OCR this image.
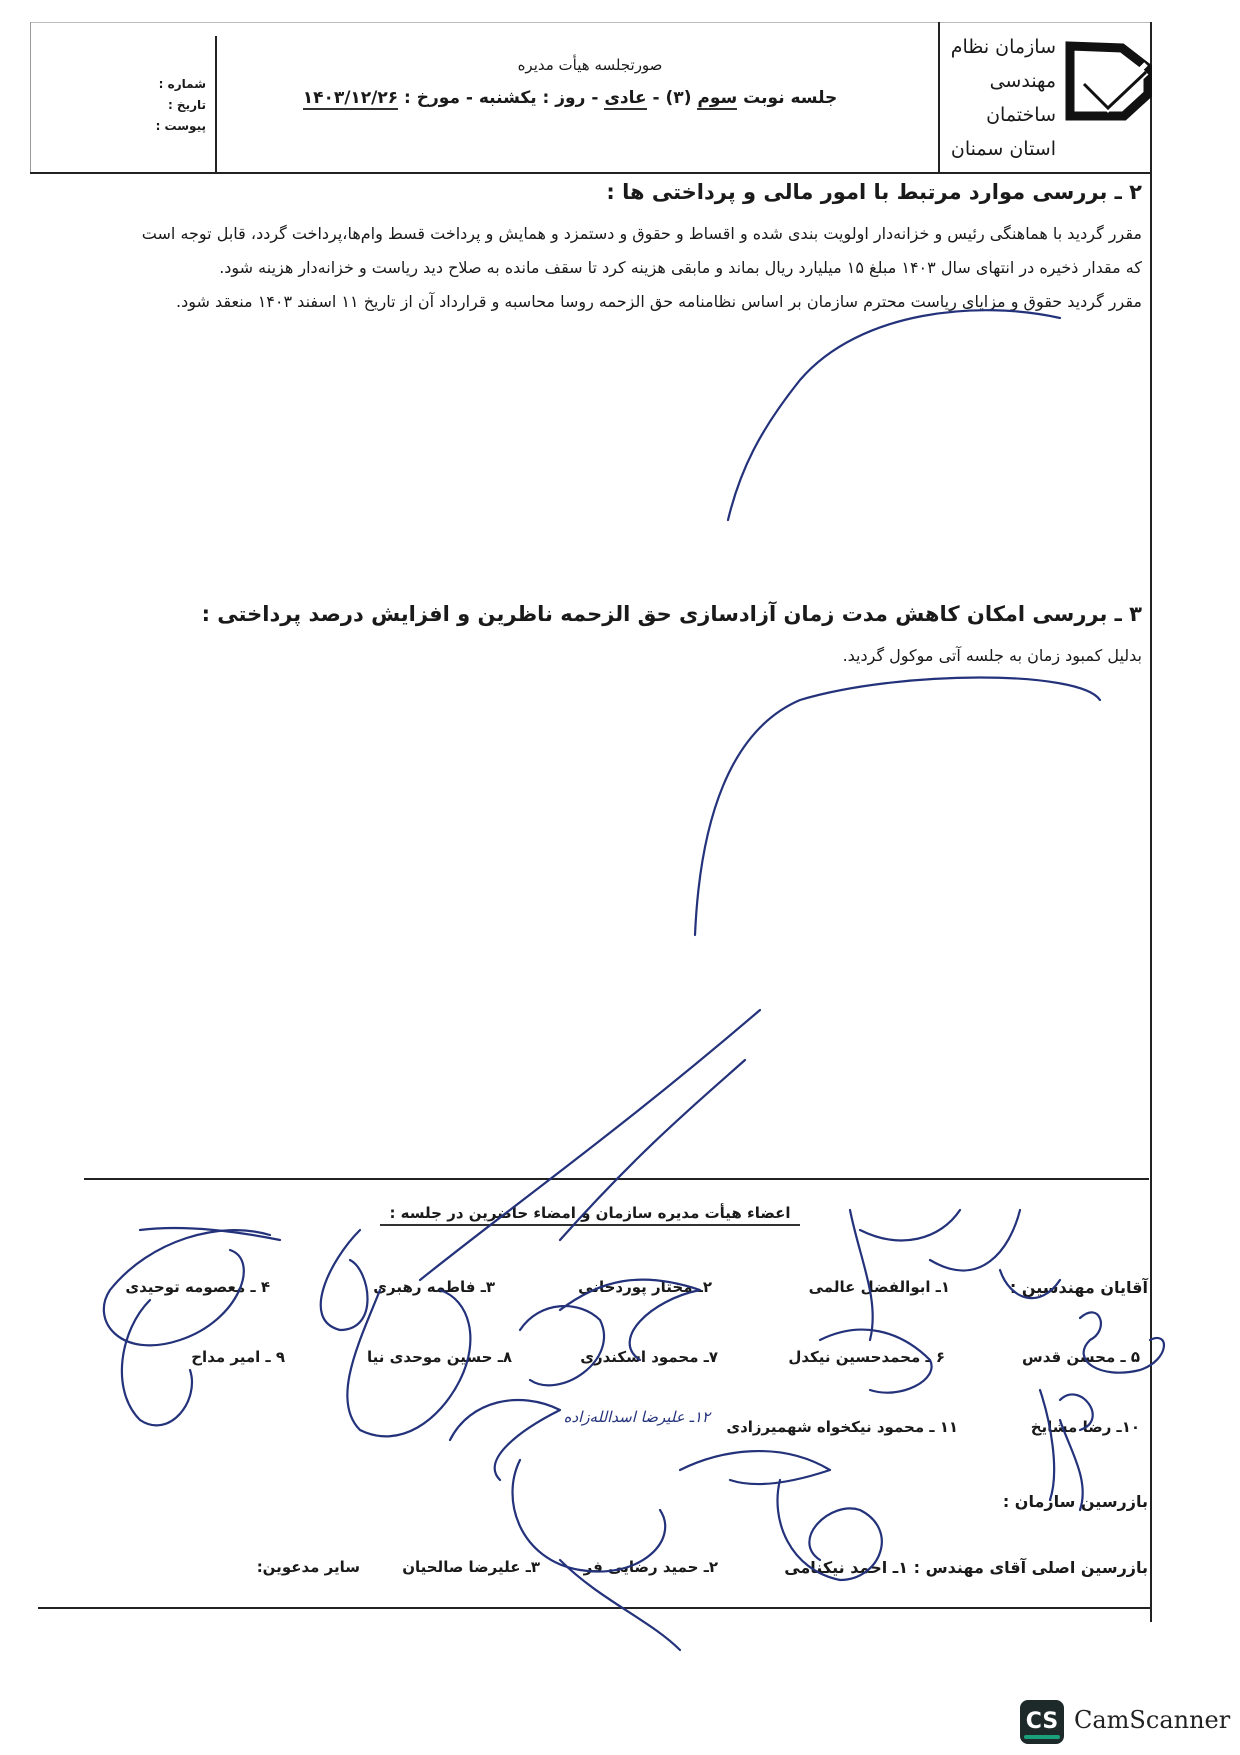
سازمان نظام
مهندسی
ساختمان
استان سمنان
شماره :
تاریخ :
پیوست :
صورتجلسه هیأت مدیره
جلسه نوبت سوم (۳) - عادی - روز : یکشنبه - مورخ : ۱۴۰۳/۱۲/۲۶
۲ ـ بررسی موارد مرتبط با امور مالی و پرداختی ها :
مقرر گردید با هماهنگی رئیس و خزانه‌دار اولویت بندی شده و اقساط و حقوق و دستمزد و همایش و پرداخت قسط وام‌ها،پرداخت گردد، قابل توجه است
که مقدار ذخیره در انتهای سال ۱۴۰۳ مبلغ ۱۵ میلیارد ریال بماند و مابقی هزینه کرد تا سقف مانده به صلاح دید ریاست و خزانه‌دار هزینه شود.
مقرر گردید حقوق و مزایای ریاست محترم سازمان بر اساس نظامنامه حق الزحمه روسا محاسبه و قرارداد آن از تاریخ ۱۱ اسفند ۱۴۰۳ منعقد شود.
۳ ـ بررسی امکان کاهش مدت زمان آزادسازی حق الزحمه ناظرین و افزایش درصد پرداختی :
بدلیل کمبود زمان به جلسه آتی موکول گردید.
اعضاء هیأت مدیره سازمان و امضاء حاضرین در جلسه :
آقایان مهندسین :
۱ـ ابوالفضل عالمی
۲ـ مختار پوردخانی
۳ـ فاطمه رهبری
۴ ـ معصومه توحیدی
۵ ـ محسن قدس
۶ ـ محمدحسین نیکدل
۷ـ محمود اسکندری
۸ـ حسین موحدی نیا
۹ ـ امیر مداح
۱۰ـ رضا مشایخ
۱۱ ـ محمود نیکخواه شهمیرزادی
۱۲ـ علیرضا اسدالله‌زاده
بازرسین سازمان :
بازرسین اصلی آقای مهندس : ۱ـ احمد نیکنامی
۲ـ حمید رضایی فر
۳ـ علیرضا صالحیان
سایر مدعوین:
CS CamScanner
